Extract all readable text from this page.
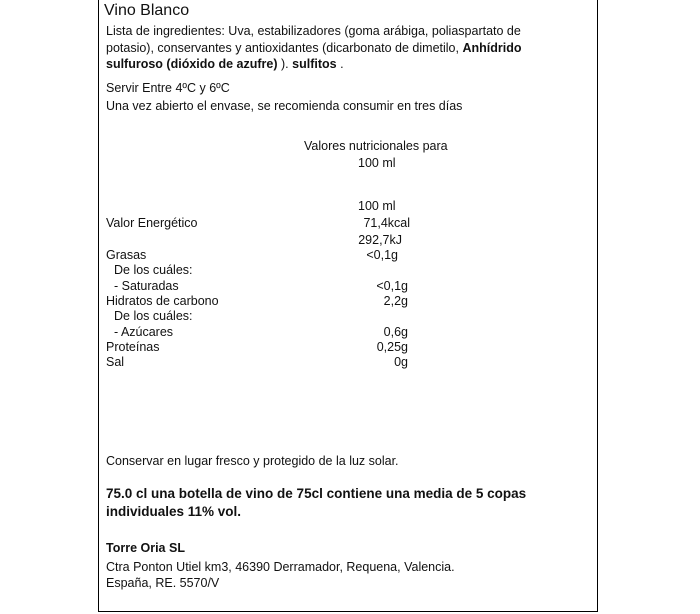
Vino Blanco
Lista de ingredientes: Uva, estabilizadores (goma arábiga, poliaspartato de potasio), conservantes y antioxidantes (dicarbonato de dimetilo, Anhídrido sulfuroso (dióxido de azufre) ). sulfitos .
Servir Entre 4ºC y 6ºC
Una vez abierto el envase, se recomienda consumir en tres días
Valores nutricionales para
100 ml
100 ml
Valor Energético	71,4kcal
292,7kJ
Grasas	<0,1g
De los cuáles:
- Saturadas	<0,1g
Hidratos de carbono	2,2g
De los cuáles:
- Azúcares	0,6g
Proteínas	0,25g
Sal	0g
Conservar en lugar fresco y protegido de la luz solar.
75.0 cl una botella de vino de 75cl contiene una media de 5 copas
individuales 11% vol.
Torre Oria SL
Ctra Ponton Utiel km3, 46390 Derramador, Requena, Valencia.
España, RE. 5570/V
